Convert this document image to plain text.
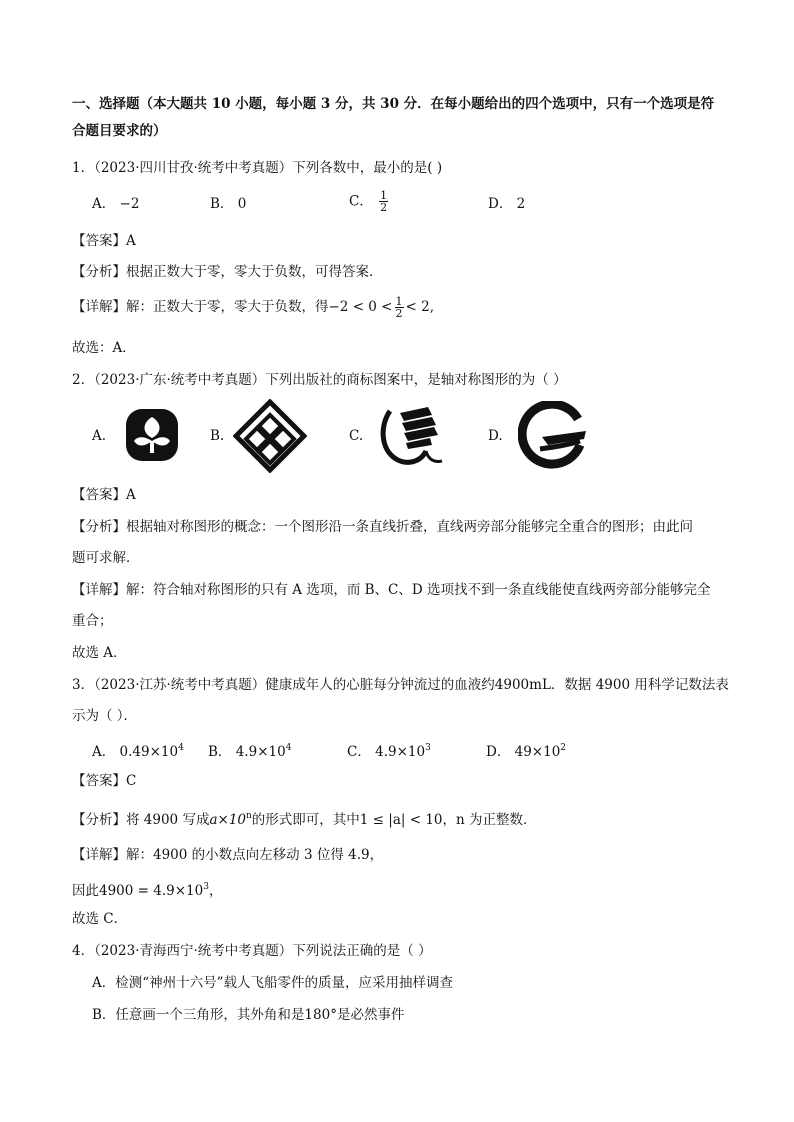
一、选择题（本大题共 10 小题，每小题 3 分，共 30 分．在每小题给出的四个选项中，只有一个选项是符
合题目要求的）
1．（2023·四川甘孜·统考中考真题）下列各数中，最小的是( )
A． −2	B． 0	C． $\frac{1}{2}$	D． 2
【答案】A
【分析】根据正数大于零，零大于负数，可得答案．
【详解】解：正数大于零，零大于负数，得$-2 < 0 < \frac{1}{2} < 2$,
故选：A．
2．（2023·广东·统考中考真题）下列出版社的商标图案中，是轴对称图形的为（ ）
A.	B.	C.	D.
【答案】A
【分析】根据轴对称图形的概念：一个图形沿一条直线折叠，直线两旁部分能够完全重合的图形；由此问
题可求解．
【详解】解：符合轴对称图形的只有 A 选项，而 B、C、D 选项找不到一条直线能使直线两旁部分能够完全
重合；
故选 A．
3．（2023·江苏·统考中考真题）健康成年人的心脏每分钟流过的血液约4900mL．数据 4900 用科学记数法表
示为（ ）．
A． $0.49\times 10^4$ B． $4.9\times 10^4$	C． $4.9\times 10^3$	D． $49\times 10^2$
【答案】C
【分析】将 4900 写成$a\times 10^n$的形式即可，其中1 ≤ |a| < 10，n 为正整数．
【详解】解：4900 的小数点向左移动 3 位得 4.9，
因此$4900 = 4.9\times 10^3$，
故选 C．
4．（2023·青海西宁·统考中考真题）下列说法正确的是（ ）
A．检测“神州十六号”载人飞船零件的质量，应采用抽样调查
B．任意画一个三角形，其外角和是180°是必然事件
